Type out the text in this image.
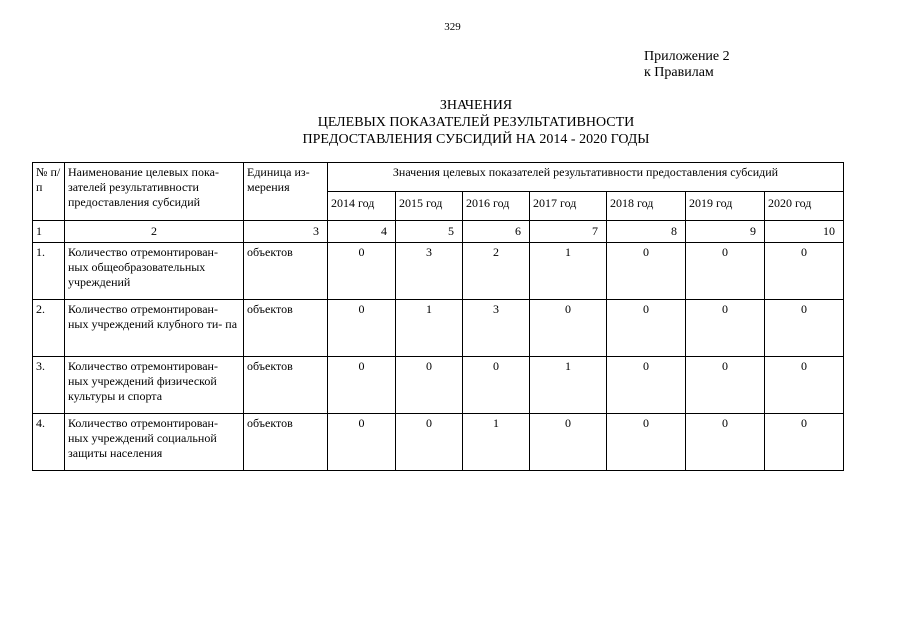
329
Приложение 2
к Правилам
ЗНАЧЕНИЯ
ЦЕЛЕВЫХ ПОКАЗАТЕЛЕЙ РЕЗУЛЬТАТИВНОСТИ
ПРЕДОСТАВЛЕНИЯ СУБСИДИЙ НА 2014 - 2020 ГОДЫ
№ п/п	Наименование целевых пока- зателей результативности предоставления субсидий	Единица из- мерения	Значения целевых показателей результативности предоставления субсидий						
			2014 год	2015 год	2016 год	2017 год	2018 год	2019 год	2020 год
1	2	3	4	5	6	7	8	9	10
1.	Количество отремонтирован- ных общеобразовательных учреждений	объектов	0	3	2	1	0	0	0
2.	Количество отремонтирован- ных учреждений клубного ти- па	объектов	0	1	3	0	0	0	0
3.	Количество отремонтирован- ных учреждений физической культуры и спорта	объектов	0	0	0	1	0	0	0
4.	Количество отремонтирован- ных учреждений социальной защиты населения	объектов	0	0	1	0	0	0	0
